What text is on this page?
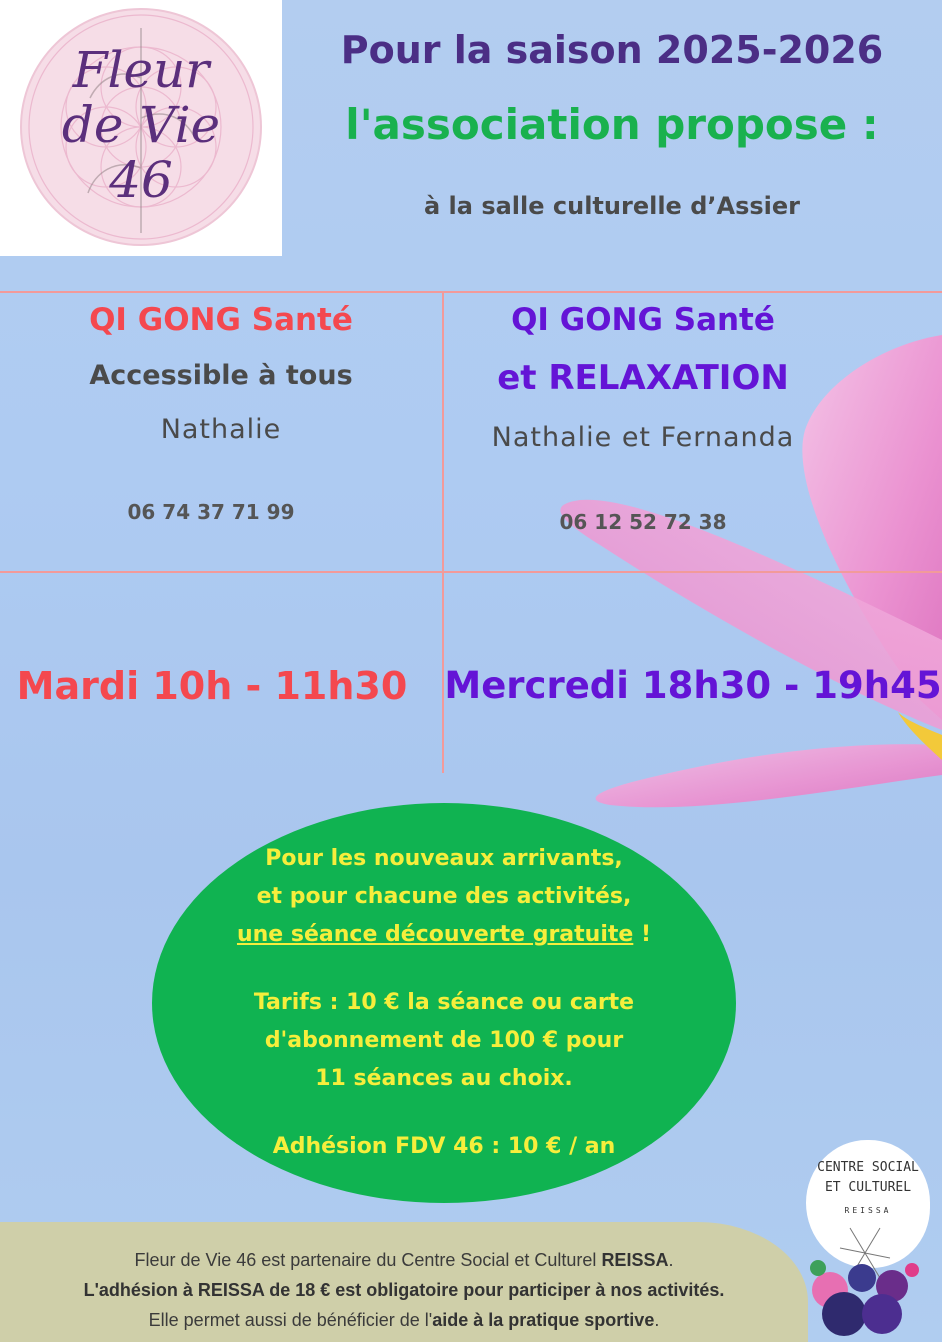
Fleur
de Vie
46
Pour la saison 2025-2026
l'association propose :
à la salle culturelle d’Assier
QI GONG Santé
Accessible à tous
Nathalie
06 74 37 71 99
Mardi 10h - 11h30
QI GONG Santé
et RELAXATION
Nathalie et Fernanda
06 12 52 72 38
Mercredi 18h30 - 19h45
Pour les nouveaux arrivants,
et pour chacune des activités,
une séance découverte gratuite !
Tarifs : 10 € la séance ou carte
d'abonnement de 100 € pour
11 séances au choix.
Adhésion FDV 46 : 10 € / an
CENTRE SOCIAL
ET CULTUREL
REISSA
Fleur de Vie 46 est partenaire du Centre Social et Culturel REISSA.
L'adhésion à REISSA de 18 € est obligatoire pour participer à nos activités.
Elle permet aussi de bénéficier de l'aide à la pratique sportive.
